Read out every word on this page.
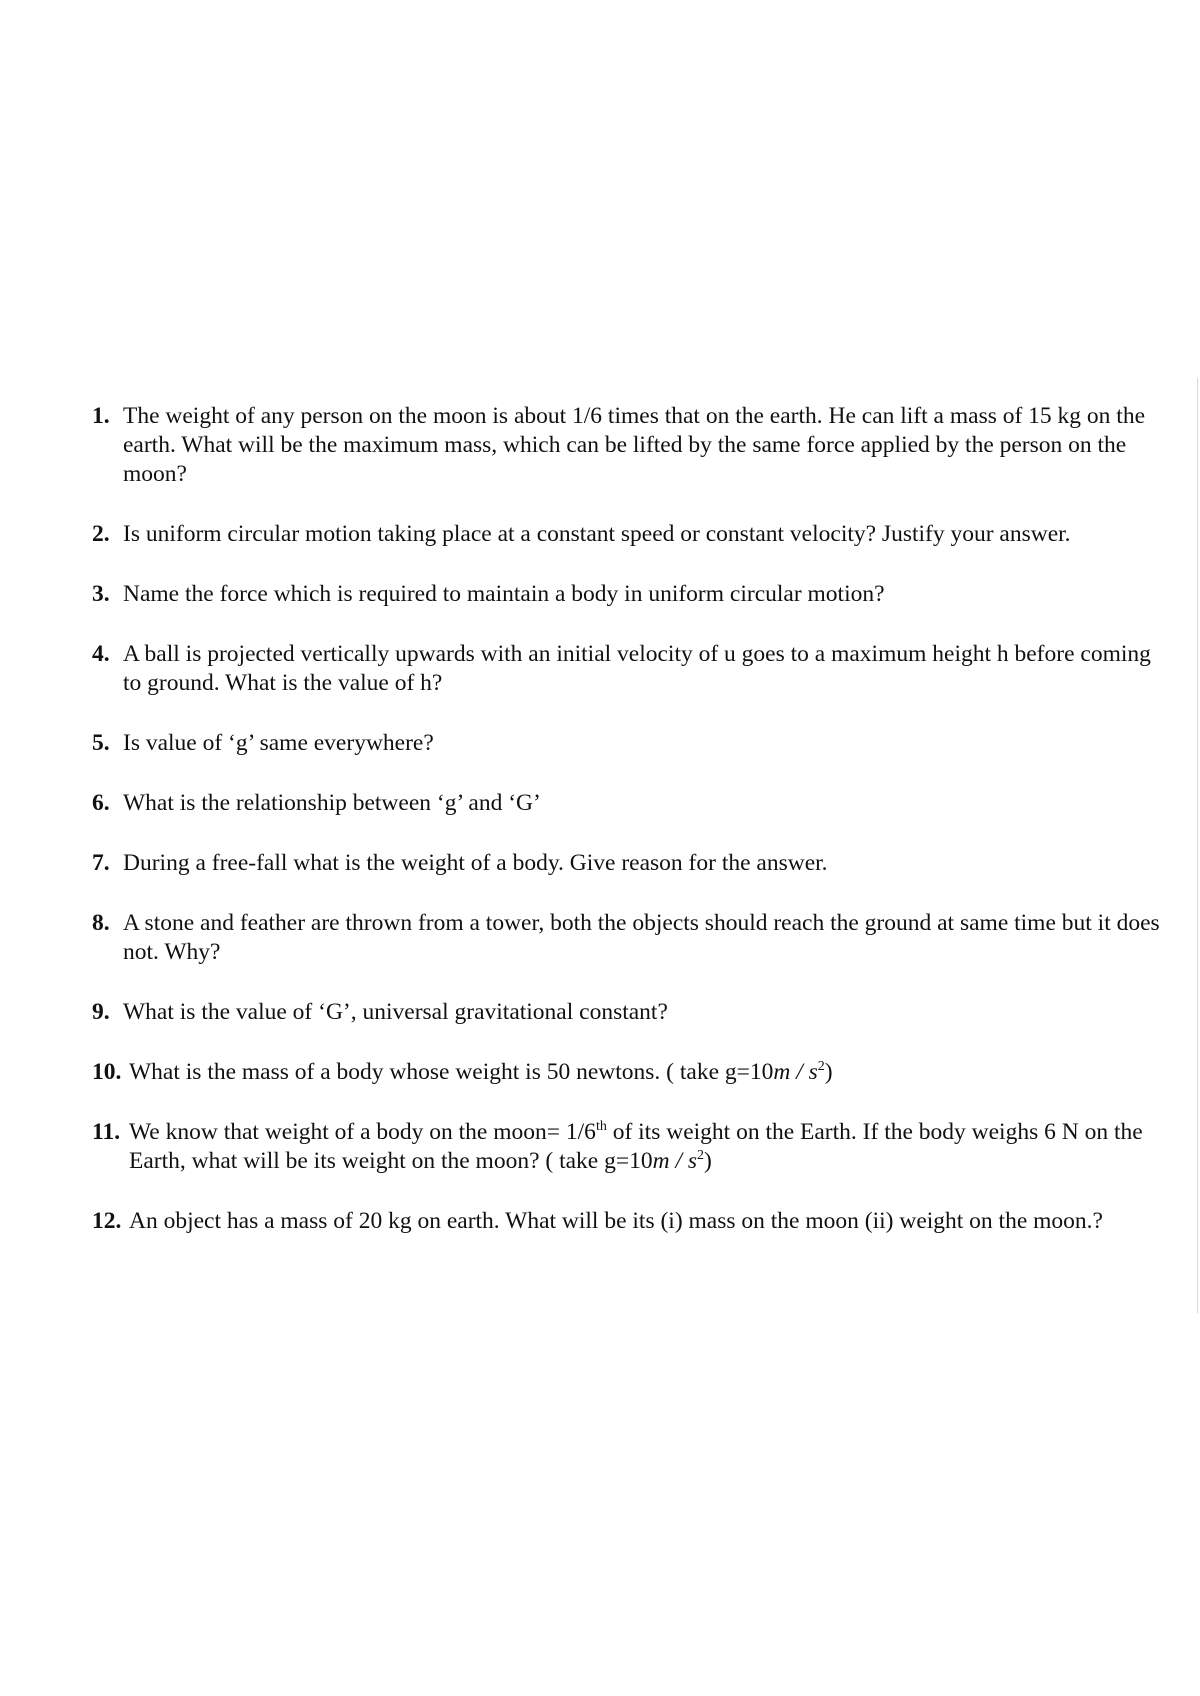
1. The weight of any person on the moon is about 1/6 times that on the earth. He can lift a mass of 15 kg on the earth. What will be the maximum mass, which can be lifted by the same force applied by the person on the moon?
2. Is uniform circular motion taking place at a constant speed or constant velocity? Justify your answer.
3. Name the force which is required to maintain a body in uniform circular motion?
4. A ball is projected vertically upwards with an initial velocity of u goes to a maximum height h before coming to ground. What is the value of h?
5. Is value of ‘g’ same everywhere?
6. What is the relationship between ‘g’ and ‘G’
7. During a free-fall what is the weight of a body. Give reason for the answer.
8. A stone and feather are thrown from a tower, both the objects should reach the ground at same time but it does not. Why?
9. What is the value of ‘G’, universal gravitational constant?
10. What is the mass of a body whose weight is 50 newtons. ( take $g=10m / s^2$)
11. We know that weight of a body on the moon= 1/6th of its weight on the Earth. If the body weighs 6 N on the Earth, what will be its weight on the moon? ( take $g=10m / s^2$)
12. An object has a mass of 20 kg on earth. What will be its (i) mass on the moon (ii) weight on the moon.?
